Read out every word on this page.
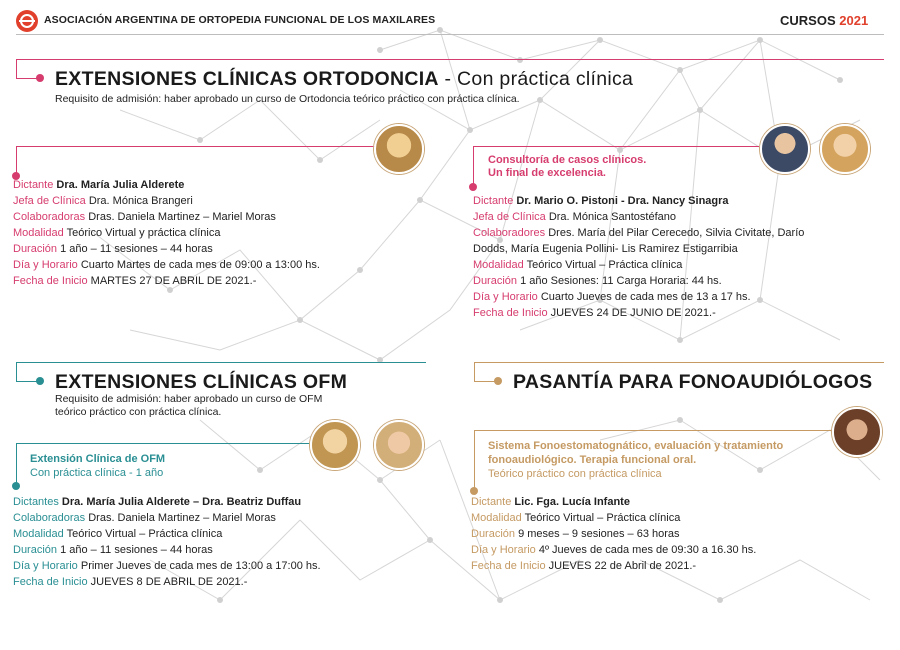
ASOCIACIÓN ARGENTINA DE ORTOPEDIA FUNCIONAL DE LOS MAXILARES	CURSOS 2021
EXTENSIONES CLÍNICAS ORTODONCIA - Con práctica clínica
Requisito de admisión: haber aprobado un curso de Ortodoncia teórico práctico con práctica clínica.
Dictante Dra. María Julia Alderete
Jefa de Clínica Dra. Mónica Brangeri
Colaboradoras Dras. Daniela Martinez – Mariel Moras
Modalidad Teórico Virtual y práctica clínica
Duración 1 año – 11 sesiones – 44 horas
Día y Horario Cuarto Martes de cada mes de 09:00 a 13:00 hs.
Fecha de Inicio MARTES 27 DE ABRIL DE 2021.-
Consultoría de casos clínicos.
Un final de excelencia.
Dictante Dr. Mario O. Pistoni - Dra. Nancy Sinagra
Jefa de Clínica Dra. Mónica Santostéfano
Colaboradores Dres. María del Pilar Cerecedo, Silvia Civitate, Darío
Dodds, María Eugenia Pollini- Lis Ramirez Estigarribia
Modalidad Teórico Virtual – Práctica clínica
Duración 1 año Sesiones: 11 Carga Horaria: 44 hs.
Día y Horario Cuarto Jueves de cada mes de 13 a 17 hs.
Fecha de Inicio JUEVES 24 DE JUNIO DE 2021.-
EXTENSIONES CLÍNICAS OFM
Requisito de admisión: haber aprobado un curso de OFM
teórico práctico con práctica clínica.
Extensión Clínica de OFM
Con práctica clínica - 1 año
Dictantes Dra. María Julia Alderete – Dra. Beatriz Duffau
Colaboradoras Dras. Daniela Martinez – Mariel Moras
Modalidad Teórico Virtual – Práctica clínica
Duración 1 año – 11 sesiones – 44 horas
Día y Horario Primer Jueves de cada mes de 13:00 a 17:00 hs.
Fecha de Inicio JUEVES 8 DE ABRIL DE 2021.-
PASANTÍA PARA FONOAUDIÓLOGOS
Sistema Fonoestomatognático, evaluación y tratamiento
fonoaudiológico. Terapia funcional oral.
Teórico práctico con práctica clínica
Dictante Lic. Fga. Lucía Infante
Modalidad Teórico Virtual – Práctica clínica
Duración 9 meses – 9 sesiones – 63 horas
Día y Horario 4º Jueves de cada mes de 09:30 a 16.30 hs.
Fecha de Inicio JUEVES 22 de Abril de 2021.-
